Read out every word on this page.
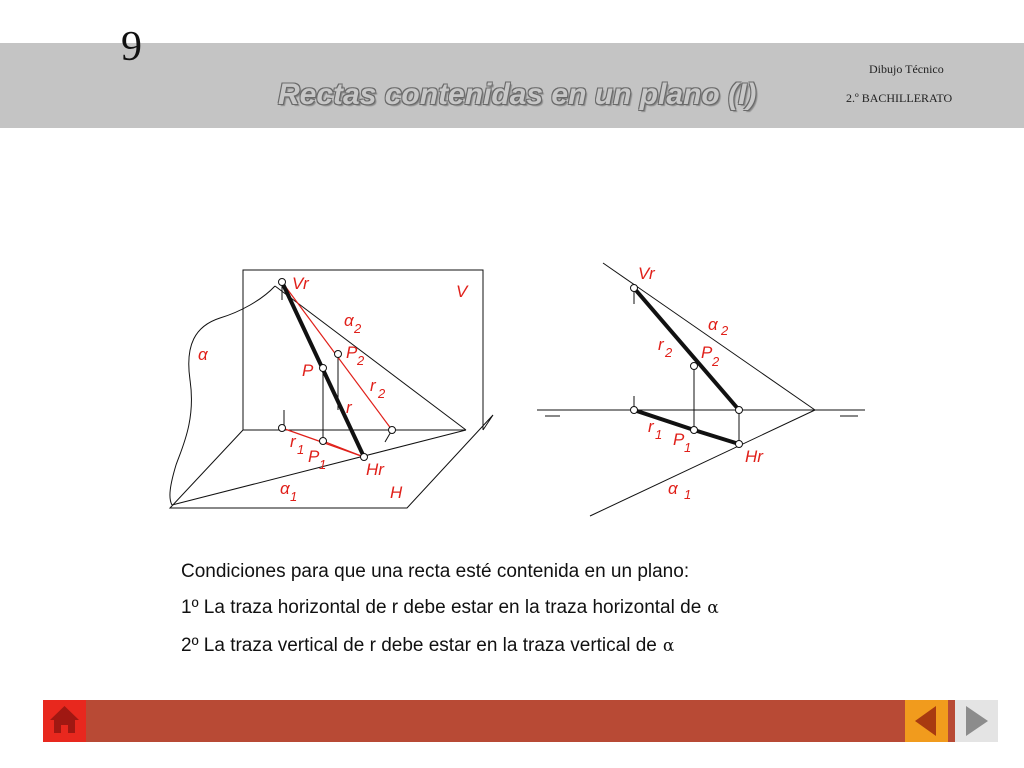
9
Rectas contenidas en un plano (I)
Dibujo Técnico
2.º BACHILLERATO
Vr	V
α 2
α	P 2
P
r 2
r
r 1 P 1 Hr
α 1	H
Vr
α 2
r 2 P 2
r 1 P 1	Hr
α 1
Condiciones para que una recta esté contenida en un plano:
1º La traza horizontal de r debe estar en la traza horizontal de α
2º La traza vertical de r debe estar en la traza vertical de α
